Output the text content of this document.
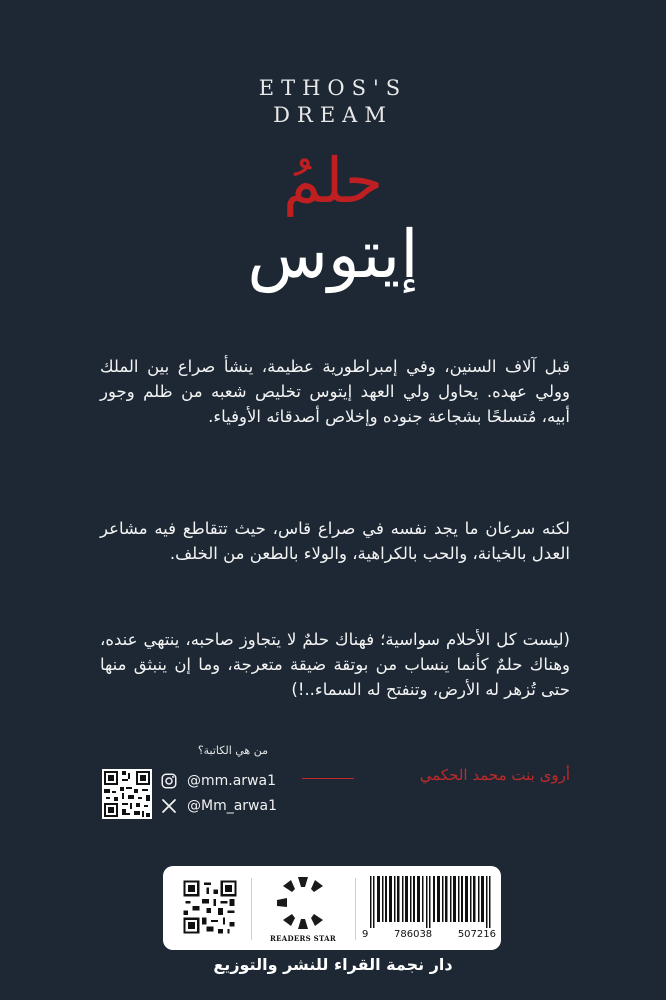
ETHOS'S
DREAM
حلمُ
إيتوس
قبل آلاف السنين، وفي إمبراطورية عظيمة، ينشأ صراع بين الملك وولي عهده. يحاول ولي العهد إيتوس تخليص شعبه من ظلم وجور أبيه، مُتسلحًا بشجاعة جنوده وإخلاص أصدقائه الأوفياء.
لكنه سرعان ما يجد نفسه في صراع قاس، حيث تتقاطع فيه مشاعر العدل بالخيانة، والحب بالكراهية، والولاء بالطعن من الخلف.
(ليست كل الأحلام سواسية؛ فهناك حلمٌ لا يتجاوز صاحبه، ينتهي عنده، وهناك حلمٌ كأنما ينساب من بوتقة ضيقة متعرجة، وما إن ينبثق منها حتى تُزهر له الأرض، وتنفتح له السماء..!)
من هي الكاتبة؟
أروى بنت محمد الحكمي
@mm.arwa1
@Mm_arwa1
READERS STAR	9	786038	507216
دار نجمة القراء للنشر والتوزيع
